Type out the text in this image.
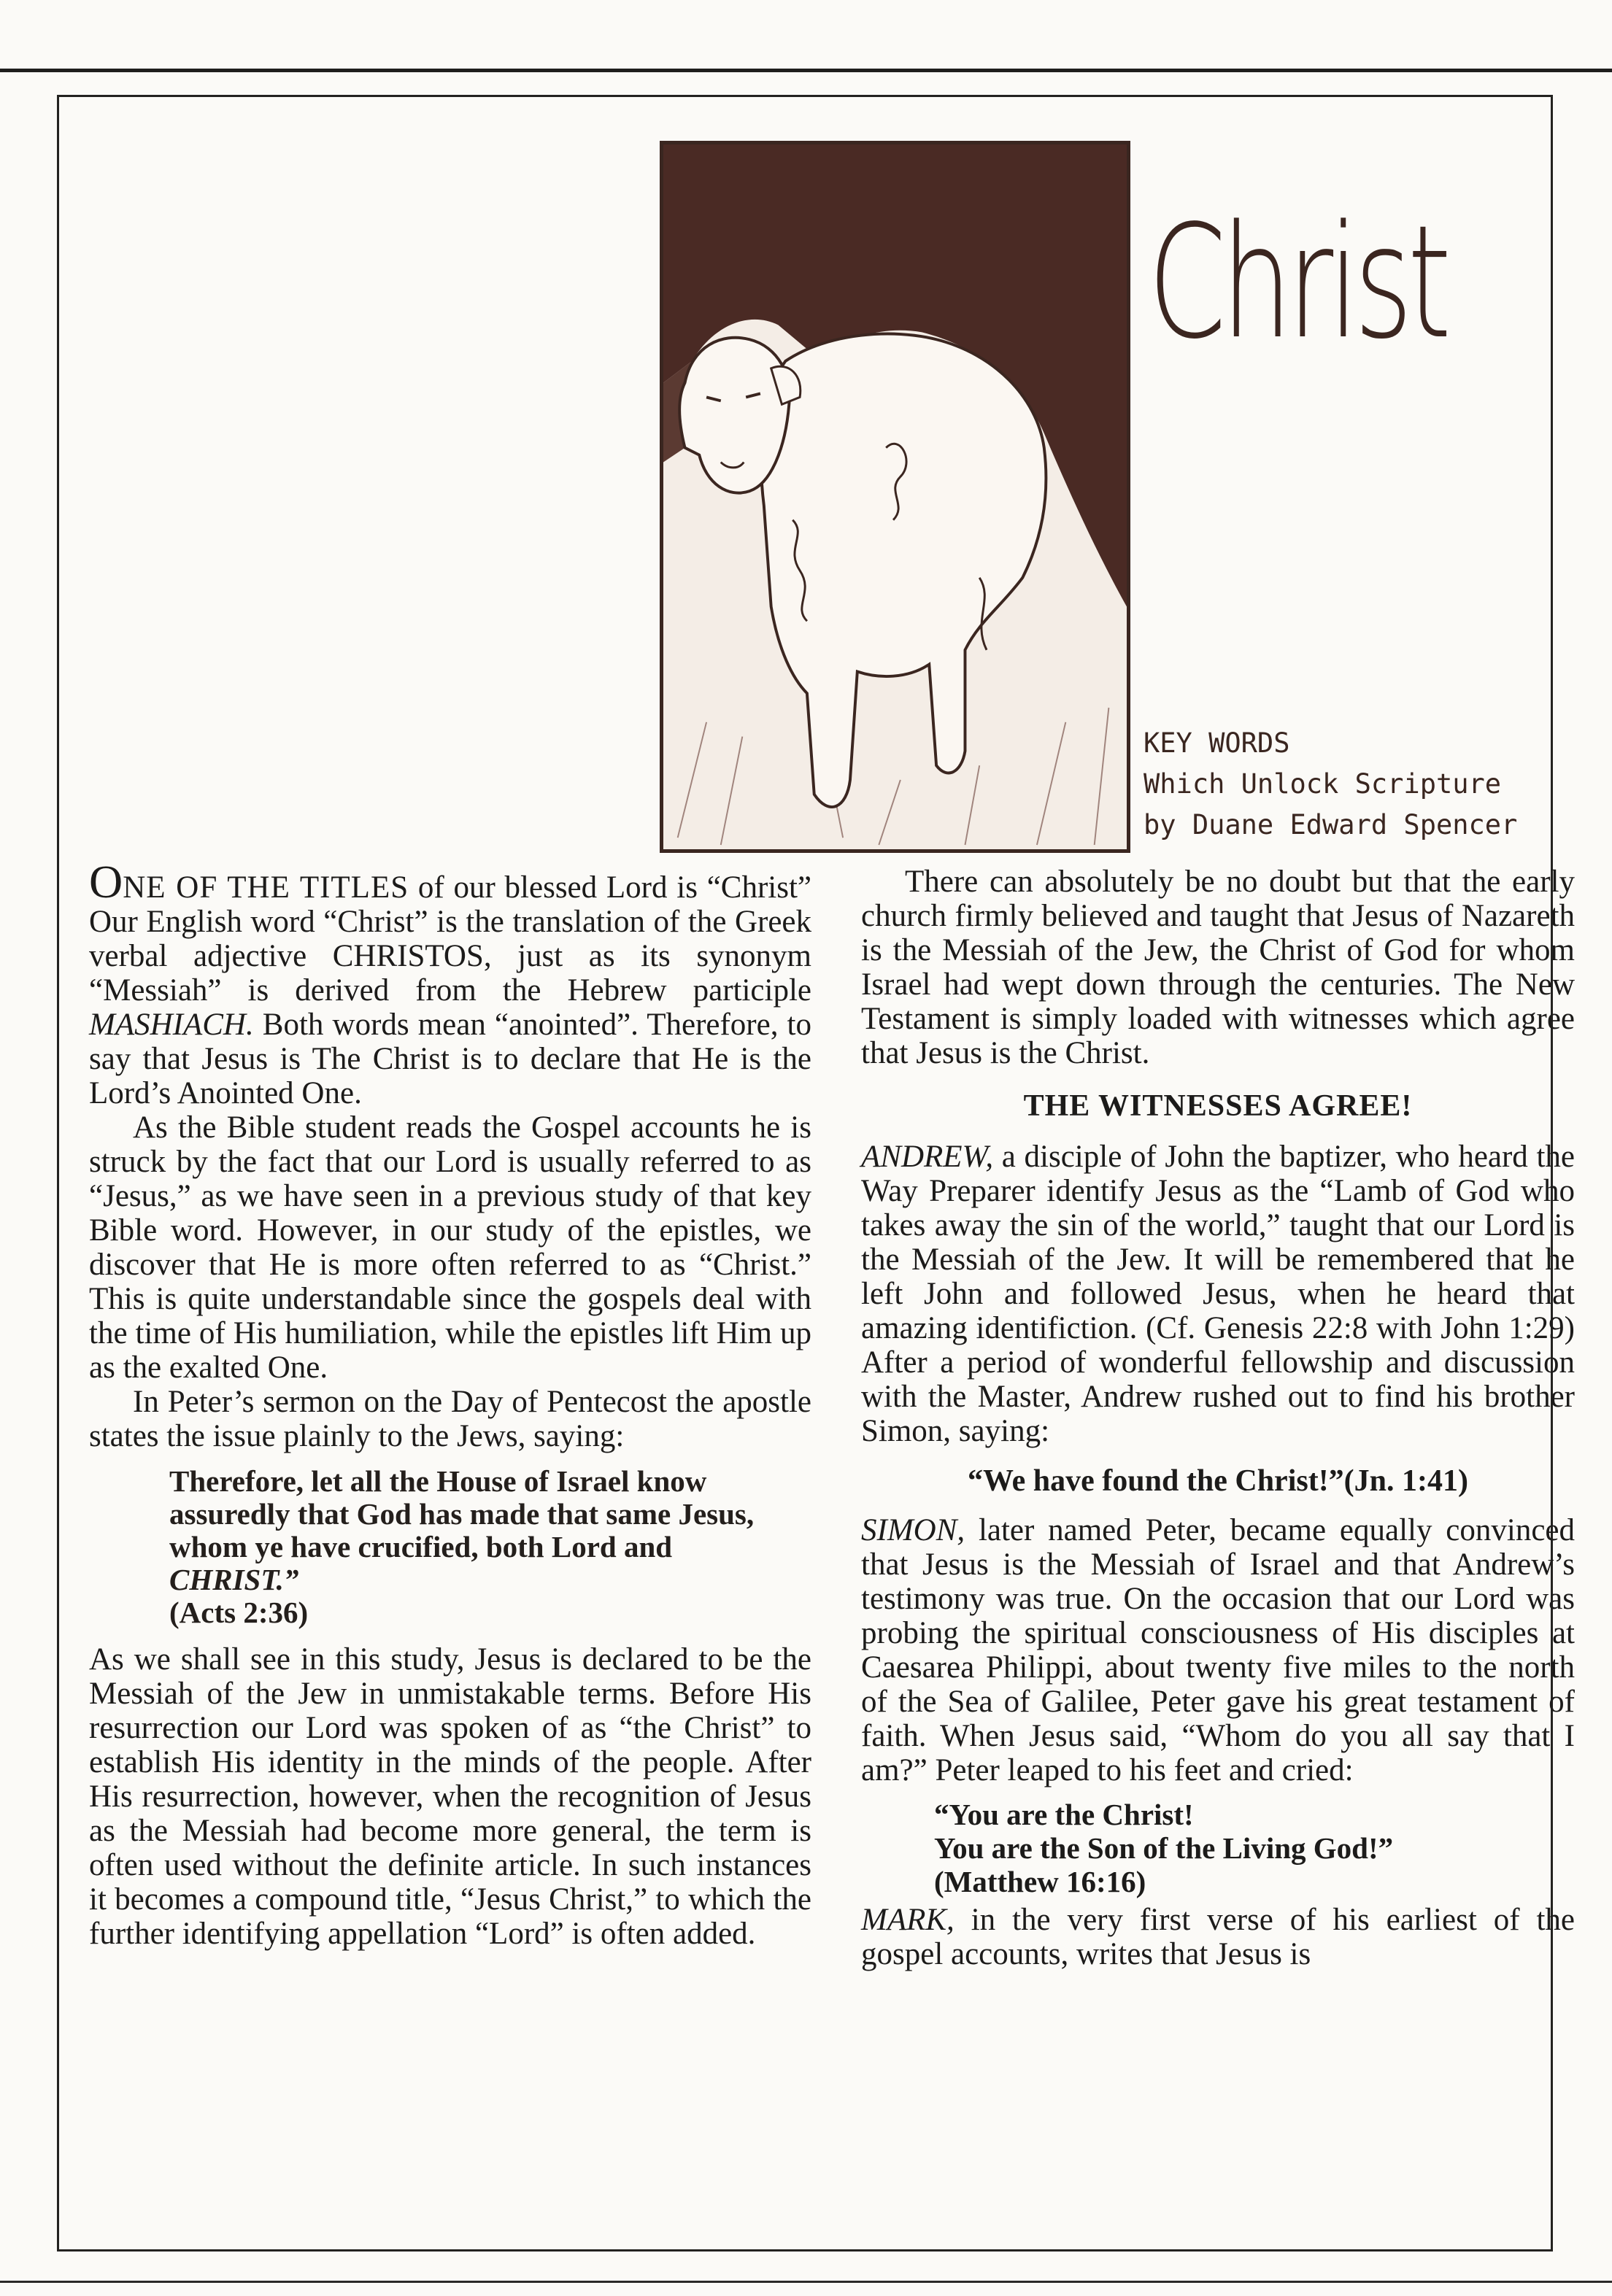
Christ
KEY WORDS
Which Unlock Scripture
by Duane Edward Spencer

ONE OF THE TITLES of our blessed Lord is “Christ” Our English word “Christ” is the translation of the Greek verbal adjective CHRISTOS, just as its synonym “Messiah” is derived from the Hebrew participle MASHIACH. Both words mean “anointed”. Therefore, to say that Jesus is The Christ is to declare that He is the Lord’s Anointed One.

As the Bible student reads the Gospel accounts he is struck by the fact that our Lord is usually referred to as “Jesus,” as we have seen in a previous study of that key Bible word. However, in our study of the epistles, we discover that He is more often referred to as “Christ.” This is quite understandable since the gospels deal with the time of His humiliation, while the epistles lift Him up as the exalted One.

In Peter’s sermon on the Day of Pentecost the apostle states the issue plainly to the Jews, saying:

Therefore, let all the House of Israel know assuredly that God has made that same Jesus, whom ye have crucified, both Lord and CHRIST.”
(Acts 2:36)

As we shall see in this study, Jesus is declared to be the Messiah of the Jew in unmistakable terms. Before His resurrection our Lord was spoken of as “the Christ” to establish His identity in the minds of the people. After His resurrection, however, when the recognition of Jesus as the Messiah had become more general, the term is often used without the definite article. In such instances it becomes a compound title, “Jesus Christ,” to which the further identifying appellation “Lord” is often added.

There can absolutely be no doubt but that the early church firmly believed and taught that Jesus of Nazareth is the Messiah of the Jew, the Christ of God for whom Israel had wept down through the centuries. The New Testament is simply loaded with witnesses which agree that Jesus is the Christ.

THE WITNESSES AGREE!

ANDREW, a disciple of John the baptizer, who heard the Way Preparer identify Jesus as the “Lamb of God who takes away the sin of the world,” taught that our Lord is the Messiah of the Jew. It will be remembered that he left John and followed Jesus, when he heard that amazing identifiction. (Cf. Genesis 22:8 with John 1:29) After a period of wonderful fellowship and discussion with the Master, Andrew rushed out to find his brother Simon, saying:

“We have found the Christ!”(Jn. 1:41)

SIMON, later named Peter, became equally convinced that Jesus is the Messiah of Israel and that Andrew’s testimony was true. On the occasion that our Lord was probing the spiritual consciousness of His disciples at Caesarea Philippi, about twenty five miles to the north of the Sea of Galilee, Peter gave his great testament of faith. When Jesus said, “Whom do you all say that I am?” Peter leaped to his feet and cried:

“You are the Christ!
You are the Son of the Living God!”
(Matthew 16:16)

MARK, in the very first verse of his earliest of the gospel accounts, writes that Jesus is
